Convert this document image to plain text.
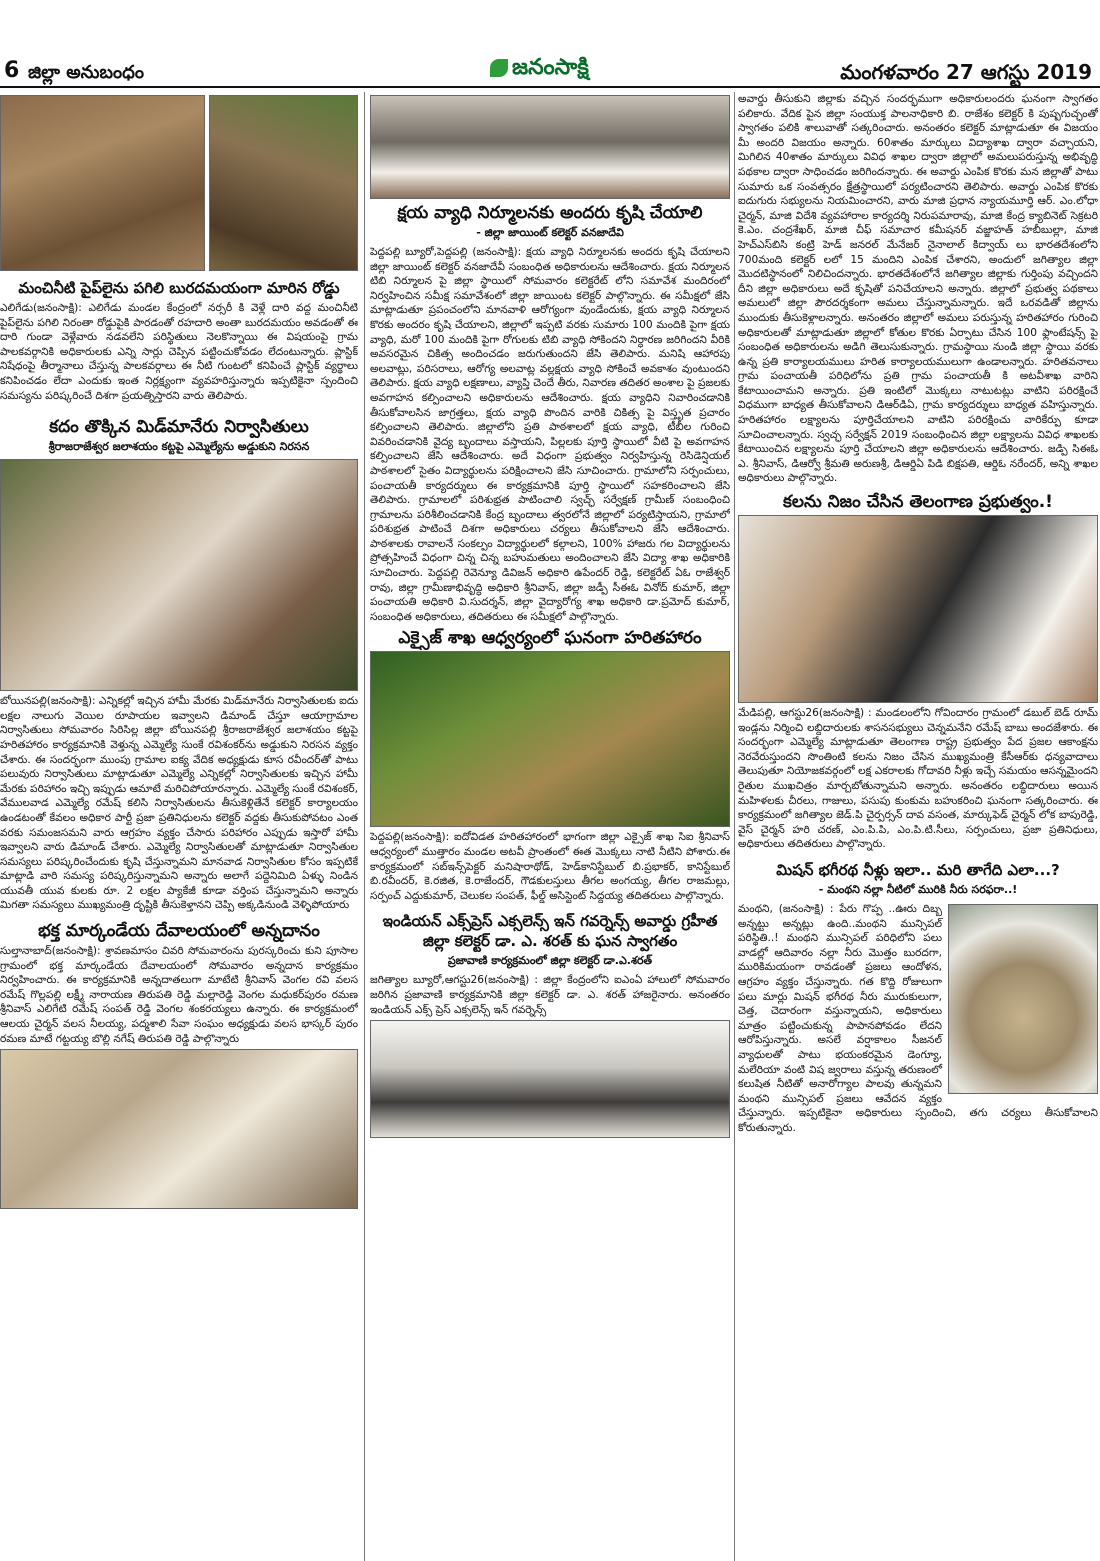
6 జిల్లా అనుబంధం	జనంసాక్షి	మంగళవారం 27 ఆగస్టు 2019
మంచినీటి పైప్‌లైను పగిలి బురదమయంగా మారిన రోడ్డు
ఎలిగేడు(జనంసాక్షి): ఎలిగేడు మండల కేంద్రంలో నర్సరీ కి వెళ్లే దారి వద్ద మంచినీటి పైప్‌లైను పగిలి నిరంతా రోడ్డుపైకి పారడంతో రహదారి అంతా బురదమయం అవడంతో ఈ దారి గుండా వెళ్లేవారు నడవలేని పరిస్థితులు నెలకొన్నాయి ఈ విషయంపై గ్రామ పాలకవర్గానికి అధికారులకు ఎన్ని సార్లు చెప్పిన పట్టించుకోవడం లేదంటున్నారు. ప్లాస్టిక్ నిషేధంపై తీర్మానాలు చేస్తున్న పాలకవర్గాలు ఈ నీటి గుంటలో కనిపించే ప్లాస్టిక్ వ్యర్థాలు కనిపించడం లేదా ఎందుకు ఇంత నిర్లక్ష్యంగా వ్యవహరిస్తున్నారు ఇప్పటికైనా స్పందించి సమస్యను పరిష్కరించే దిశగా ప్రయత్నిస్తారని వారు తెలిపారు.
కదం తొక్కిన మిడ్‌మానేరు నిర్వాసితులు
శ్రీరాజరాజేశ్వర జలాశయం కట్టపై ఎమ్మెల్యేను అడ్డుకుని నిరసన
బోయినపల్లి(జనంసాక్షి): ఎన్నికల్లో ఇచ్చిన హామీ మేరకు మిడ్‌మానేరు నిర్వాసితులకు ఐదు లక్షల నాలుగు వెయిల రూపాయల ఇవ్వాలని డిమాండ్ చేస్తూ ఆయాగ్రామాల నిర్వాసితులు సోమవారం సిరిసిల్ల జిల్లా బోయినపల్లి శ్రీరాజరాజేశ్వర జలాశయం కట్టపై హరితహారం కార్యక్రమానికి వెళ్తున్న ఎమ్మెల్యే సుంకే రవిశంకర్‌ను అడ్డుకుని నిరసన వ్యక్తం చేశారు. ఈ సందర్భంగా ముంపు గ్రామాల ఐక్య వేదిక అధ్యక్షుడు కూస రవీందర్‌తో పాటు పలువురు నిర్వాసితులు మాట్లాడుతూ ఎమ్మెల్యే ఎన్నికల్లో నిర్వాసితులకు ఇచ్చిన హామీ మేరకు పరిహారం ఇచ్చి ఇప్పుడు ఆమాటే మరిచిపోయారన్నారు. ఎమ్మెల్యే సుంకే రవిశంకర్, వేములవాడ ఎమ్మెల్యే రమేష్ కలిసి నిర్వాసితులను తీసుకెళ్లితేనే కలెక్టర్ కార్యాలయం ఉండటంతో కేవలం అధికార పార్టీ ప్రజా ప్రతినిధులను కలెక్టర్ వద్దకు తీసుకుపోవటం ఎంత వరకు సమంజసమని వారు ఆగ్రహం వ్యక్తం చేసారు పరిహారం ఎప్పుడు ఇస్తారో హామీ ఇవ్వాలని వారు డిమాండ్ చేశారు. ఎమ్మెల్యే నిర్వాసితులతో మాట్లాడుతూ నిర్వాసితుల సమస్యలు పరిష్కరించేందుకు కృషి చేస్తున్నామని మానవాడ నిర్వాసితుల కోసం ఇప్పటికే మాట్లాడి వారి సమస్య పరిష్కరిస్తున్నామని అన్నారు అలాగే పద్దెనిమిది ఏళ్ళు నిండిన యువతీ యువ కులకు రూ. 2 లక్షల ప్యాకేజీ కూడా వర్తింప చేస్తున్నామని అన్నారు మిగతా సమస్యలు ముఖ్యమంత్రి దృష్టికి తీసుకెళ్తానని చెప్పి అక్కడినుండి వెళ్ళిపోయారు
భక్త మార్కండేయ దేవాలయంలో అన్నదానం
సుల్తానాబాద్(జనంసాక్షి): శ్రావణమాసం చివరి సోమవారంను పురస్కరించు కుని పూసాల గ్రామంలో భక్త మార్కండేయ దేవాలయంలో సోమవారం అన్నదాన కార్యక్రమం నిర్వహించారు. ఈ కార్యక్రమానికి అన్నదాతలుగా మాటేటి శ్రీనివాస్ వెంగల రవి వలస రమేష్ గొల్లపల్లి లక్ష్మీ నారాయణ తిరుపతి రెడ్డి మల్లారెడ్డి వెంగల మధుకర్‌పురం రమణ శ్రీనివాస్ ఎలిగేటి రమేష్ సంపత్ రెడ్డి వెంగల శంకరయ్యలు ఉన్నారు. ఈ కార్యక్రమంలో ఆలయ చైర్మన్ వలస నీలయ్య, పద్మశాలి సేవా సంఘం అధ్యక్షుడు వలస భాస్కర్ పురం రమణ మాటే గట్టయ్య బొల్లి నగేష్ తిరుపతి రెడ్డి పాల్గొన్నారు
క్షయ వ్యాధి నిర్మూలనకు అందరు కృషి చేయాలి
- జిల్లా జాయింట్ కలెక్టర్ వనజాదేవి
పెద్దపల్లి బ్యూరో,పెద్దపల్లి (జనంసాక్షి): క్షయ వ్యాధి నిర్మూలనకు అందరు కృషి చేయాలని జిల్లా జాయింట్ కలెక్టర్ వనజాదేవీ సంబంధిత అధికారులను ఆదేశించారు. క్షయ నిర్మూలన టిబి నిర్మూలన పై జిల్లా స్థాయిలో సోమవారం కలెక్టరేట్ లోని సమావేశ మందిరంలో నిర్వహించిన సమీక్ష సమావేశంలో జిల్లా జాయింట కలెక్టర్ పాల్గొన్నారు. ఈ సమీక్షలో జేసి మాట్లాడుతూ ప్రపంచంలోని మానవాళి ఆరోగ్యంగా వుండేందుకు, క్షయ వ్యాధి నిర్మూలన కొరకు అందరం కృషి చేయాలని, జిల్లాలో ఇప్పటి వరకు సుమారు 100 మందికి పైగా క్షయ వ్యాధి, మరో 100 మందికి పైగా రోగులకు టిబి వ్యాధి సోకిందని నిర్ధారణ జరిగిందని వీరికి అవసరమైన చికిత్స అందించడం జరుగుతుందని జేసి తెలిపారు. మనిషి ఆహారపు అలవాట్లు, పరిసరాలు, ఆరోగ్య అలవాట్ల వల్లక్షయ వ్యాధి సోకించే అవకాశం వుంటుందని తెలిపారు. క్షయ వ్యాధి లక్షణాలు, వ్యాప్తి చెందే తీరు, నివారణ తదితర అంశాల పై ప్రజలకు అవగాహన కల్పించాలని అధికారులను ఆదేశించారు. క్షయ వ్యాధిని నివారించడానికి తీసుకోవాలసిన జాగ్రత్తలు, క్షయ వ్యాధి పొందిన వారికి చికిత్స పై విస్తృత ప్రచారం కల్పించాలని తెలిపారు. జిల్లాలోని ప్రతి పాఠశాలలో క్షయ వ్యాధి, టీబీల గురించి వివరించడానికి వైద్య బృందాలు వస్తాయని, పిల్లలకు పూర్తి స్థాయిలో వీటి పై అవగాహన కల్పించాలని జేసి ఆదేశించారు. అదే విధంగా ప్రభుత్వం నిర్వహిస్తున్న రెసిడెన్షియల్ పాఠశాలలో సైతం విద్యార్థులను పరిక్షించాలని జేసి సూచించారు. గ్రామాలోని సర్పంచులు, పంచాయతీ కార్యదర్శులు ఈ కార్యక్రమానికి పూర్తి స్థాయిలో సహకరించాలని జేసి తెలిపారు. గ్రామాలలో పరిశుభ్రత పాటించాలి స్వచ్ఛ్ సర్వేక్షణ్ గ్రామీణ్ సంబంధించి గ్రామాలను పరిశీలించడానికి కేంద్ర బృందాలు త్వరలోనే జిల్లాలో పర్యటిస్తాయని, గ్రామాలో పరిశుభ్రత పాటించే దిశగా అధికారులు చర్యలు తీసుకోవాలని జేసి ఆదేశించారు. పాఠశాలకు రావాలనే సంకల్పం విద్యార్థులలో కల్గాలని, 100% హాజరు గల విద్యార్థులను ప్రోత్సహించే విధంగా చిన్న చిన్న బహుమతులు అందించాలని జేసి విద్యా శాఖ అధికారికి సూచించారు. పెద్దపల్లి రెవెన్యూ డివిజన్ అధికారి ఉపేందర్ రెడ్డి, కలెక్టరేట్ ఏఓ రాజేశ్వర్ రావు, జిల్లా గ్రామీణాభివృద్ధి అధికారి శ్రీనివాస్, జిల్లా జడ్పీ సీఈఓ వినోద్ కుమార్, జిల్లా పంచాయతి అధికారి వి.సుదర్శన్, జిల్లా వైద్యారోగ్య శాఖ అధికారి డా.ప్రమోద్ కుమార్, సంబంధిత అధికారులు, తదితరులు ఈ సమీక్షలో పాల్గొన్నారు.
ఎక్సైజ్ శాఖ ఆధ్వర్యంలో ఘనంగా హరితహారం
పెద్దపల్లి(జనంసాక్షి): ఐదోవిడత హరితహారంలో భాగంగా జిల్లా ఎక్సైజ్ శాఖ సిఐ శ్రీనివాస్ ఆధ్వర్యంలో ముత్తారం మండల అటవీ ప్రాంతంలో ఈత మొక్కలు నాటి నీటిని పోశారు.ఈ కార్యక్రమంలో సబ్‌ఇన్స్‌పెక్టర్ మనిషారాథోడ్, హెడ్‌కానిస్టేబుల్ బి.ప్రభాకర్, కానిస్టేబుల్ బి.రవీందర్, కె.రజిత, కె.రాజేందర్, గౌడకులస్తులు తీగల అంగయ్య, తీగల రాజమల్లు, సర్పంచ్ ఎద్దుకుమార్, చెలుకల సంపత్, ఫీల్డ్ అసిస్టెంట్ సిద్దయ్య తదితరులు పాల్గొన్నారు.
ఇండియన్ ఎక్స్‌ప్రెస్ ఎక్సలెన్స్ ఇన్ గవర్నెన్స్ అవార్డు గ్రహీత జిల్లా కలెక్టర్ డా. ఎ. శరత్ కు ఘన స్వాగతం
ప్రజావాణి కార్యక్రమంలో జిల్లా కలెక్టర్ డా.ఎ.శరత్
జగిత్యాల బ్యూరో,ఆగస్టు26(జనంసాక్షి) : జిల్లా కేంద్రంలోని ఐఎంఏ హాలులో సోమవారం జరిగిన ప్రజావాణి కార్యక్రమానికి జిల్లా కలెక్టర్ డా. ఎ. శరత్ హాజరైనారు. అనంతరం ఇండియన్ ఎక్స్ ప్రెస్ ఎక్సలెన్స్ ఇన్ గవర్నెన్స్
అవార్డు తీసుకుని జిల్లాకు వచ్చిన సందర్భముగా అధికారులందరు ఘనంగా స్వాగతం పలికారు. వేదిక పైన జిల్లా సంయుక్త పాలనాధికారి బి. రాజేశం కలెక్టర్ కి పుష్పగుచ్ఛంతో స్వాగతం పలికి శాలువాతో సత్కరించారు. అనంతరం కలెక్టర్ మాట్లాడుతూ ఈ విజయం మీ అందరి విజయం అన్నారు. 60శాతం మార్కులు విద్యాశాఖ ద్వారా వచ్చాయని, మిగిలిన 40శాతం మార్కులు వివిధ శాఖల ద్వారా జిల్లాలో అమలుపరుస్తున్న అభివృద్ధి పథకాల ద్వారా సాధించడం జరిగిందన్నారు. ఈ అవార్డు ఎంపిక కొరకు మన జిల్లాతో పాటు సుమారు ఒక సంవత్సరం క్షేత్రస్థాయిలో పర్యటించారని తెలిపారు. అవార్డు ఎంపిక కొరకు ఐదుగురు సభ్యులను నియమించారని, వారు మాజి ప్రధాన న్యాయమూర్తి ఆర్. ఎం.లోధా చైర్మన్, మాజి విదేశి వ్యవహారాల కార్యదర్శి నిరుపమారావు, మాజి కేంద్ర క్యాబినెట్ సెక్రటరి కె.ఎం. చంద్రశేఖర్, మాజి చీఫ్ సమాచార కమీషనర్ వజ్జాహత్ హబీబుల్లా, మాజి హెచ్‌ఎస్‌బిసి కంట్రి హెడ్ జనరల్ మేనేజర్ నైనాలాల్ కిద్వాయ్ లు భారతదేశంలోని 700మంది కలెక్టర్ లలో 15 మందిని ఎంపిక చేశారని, అందులో జగిత్యాల జిల్లా మొదటిస్థానంలో నిలిచిందన్నారు. భారతదేశంలోనే జగిత్యాల జిల్లాకు గుర్తింపు వచ్చిందని దీని జిల్లా అధికారులు అదే కృషితో పనిచేయాలని అన్నారు. జిల్లాలో ప్రభుత్వ పథకాలు అమలులో జిల్లా పౌరదర్శకంగా అమలు చేస్తున్నామన్నారు. ఇదే ఒరవడితో జిల్లాను ముందుకు తీసుకెళ్లాలన్నారు. అనంతరం జిల్లాలో అమలు పరుస్తున్న హరితహారం గురించి అధికారులతో మాట్లాడుతూ జిల్లాలో కోతుల కొరకు ఏర్పాటు చేసిన 100 ఫ్లాంటేషన్స్ పై సంబంధిత అధికారులను అడిగి తెలుసుకున్నారు. గ్రామస్థాయి నుండి జిల్లా స్థాయి వరకు ఉన్న ప్రతి కార్యాలయములు హరిత కార్యాలయములుగా ఉండాలన్నారు. హరితవనాలు గ్రామ పంచాయతీ పరిధిలోను ప్రతి గ్రామ పంచాయతీ కి అటవీశాఖ వారిని కేటాయించామని అన్నారు. ప్రతి ఇంటిలో మొక్కలు నాటుటట్లు వాటిని పరిరక్షించే విధముగా బాధ్యత తీసుకోవాలని డిఆర్‌డిఏ, గ్రామ కార్యదర్శులు బాధ్యత వహిస్తున్నారు. హరితహారం లక్ష్యాలను పూర్తిచేయాలని వాటిని పరిరక్షించు వారికేర్పు కూడా సూచించాలన్నారు. స్వచ్ఛ సర్వేక్షన్ 2019 సంబంధించిన జిల్లా లక్ష్యాలను వివిధ శాఖలకు కేటాయించిన లక్ష్యాలను పూర్తి చేయాలని జిల్లా అధికారులను ఆదేశించారు. జడ్పి సిఈఓ ఎ. శ్రీనివాస్, డిఆర్వో శ్రీమతి అరుణశ్రీ, డిఆర్డిఏ పిడి బిక్షపతి, ఆర్డిఓ నరేందర్, అన్ని శాఖల అధికారులు పాల్గొన్నారు.
కలను నిజం చేసిన తెలంగాణ ప్రభుత్వం.!
మేడిపల్లి, ఆగస్టు26(జనంసాక్షి) : మండలంలోని గోవిందారం గ్రామంలో డబుల్ బెడ్ రూమ్ ఇండ్లను నిర్మించి లబ్దిదారులకు శాసనసభ్యులు చెన్నమనేని రమేష్ బాబు అందజేశారు. ఈ సందర్భంగా ఎమ్మెల్యే మాట్లాడుతూ తెలంగాణ రాష్ట్ర ప్రభుత్వం పేద ప్రజల ఆకాంక్షను నెరవేరుస్తుందని సొంతింటి కలను నిజం చేసిన ముఖ్యమంత్రి కేసీఆర్‌కు ధన్యవాదాలు తెలుపుతూ నియోజకవర్గంలో లక్ష ఎకరాలకు గోదావరి నీళ్లు ఇచ్చే సమయం ఆసన్నమైందని రైతుల ముఖచిత్రం మార్చబోతున్నామని అన్నారు. అనంతరం లబ్ధిదారులు అయిన మహిళలకు చీరలు, గాజులు, పసుపు కుంకుమ బహుకరించి ఘనంగా సత్కరించారు. ఈ కార్యక్రమంలో జగిత్యాల జెడ్.పి చైర్పర్సన్ దావ వసంత, మార్కుఫెడ్ చైర్మన్ లోక బాపురెడ్డి, వైస్ చైర్మన్ హరి చరణ్, ఎం.పి.పి, ఎం.పి.టి.సీలు, సర్పంచులు, ప్రజా ప్రతినిధులు, అధికారులు తదితరులు పాల్గొన్నారు.
మిషన్ భగీరథ నీళ్లు ఇలా.. మరి తాగేది ఎలా...?
- మంథని నల్లా నీటిలో మురికి నీరు సరఫరా..!
మంథని, (జనంసాక్షి) : పేరు గొప్ప ..ఊరు దిబ్బ అన్నట్టు అన్నట్లు ఉంది..మంథని మున్సిపల్ పరిస్థితి..! మంథని మున్సిపల్ పరిధిలోని పలు వాడల్లో ఆదివారం నల్లా నీరు మొత్తం బురదగా, మురికిమయంగా రావడంతో ప్రజలు ఆందోళన, ఆగ్రహం వ్యక్తం చేస్తున్నారు. గత కొద్ది రోజులుగా పలు మార్లు మిషన్ భగీరథ నీరు మురుకులుగా, చెత్త, చెదారంగా వస్తున్నాయని, అధికారులు మాత్రం పట్టించుకున్న పాపానపోవడం లేదని ఆరోపిస్తున్నారు. అసలే వర్షాకాలం సీజనల్ వ్యాధులతో పాటు భయంకరమైన డెంగ్యూ, మలేరియా వంటి విష జ్వరాలు వస్తున్న తరుణంలో కలుషిత నీటితో అనారోగ్యాల పాలవు తున్నమని మంథని మున్సిపల్ ప్రజలు ఆవేదన వ్యక్తం చేస్తున్నారు. ఇప్పటికైనా అధికారులు స్పందించి, తగు చర్యలు తీసుకోవాలని కోరుతున్నారు.
